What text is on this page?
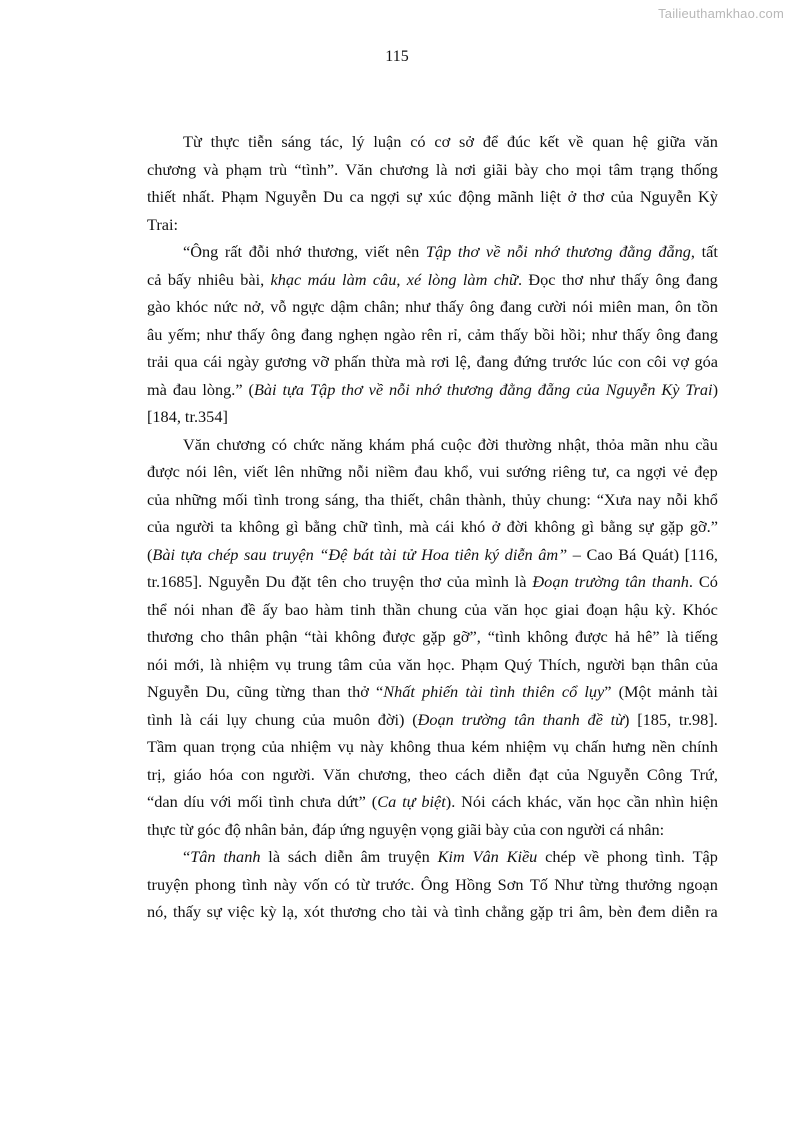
Tailieuthamkhao.com
115
Từ thực tiễn sáng tác, lý luận có cơ sở để đúc kết về quan hệ giữa văn
chương và phạm trù “tình”. Văn chương là nơi giãi bày cho mọi tâm trạng thống
thiết nhất. Phạm Nguyễn Du ca ngợi sự xúc động mãnh liệt ở thơ của Nguyễn Kỳ
Trai:
“Ông rất đỗi nhớ thương, viết nên Tập thơ về nỗi nhớ thương đằng đẵng, tất
cả bấy nhiêu bài, khạc máu làm câu, xé lòng làm chữ. Đọc thơ như thấy ông đang
gào khóc nức nở, vỗ ngực dậm chân; như thấy ông đang cười nói miên man, ôn tồn
âu yếm; như thấy ông đang nghẹn ngào rên rỉ, cảm thấy bồi hồi; như thấy ông đang
trải qua cái ngày gương vỡ phấn thừa mà rơi lệ, đang đứng trước lúc con côi vợ góa
mà đau lòng.” (Bài tựa Tập thơ về nỗi nhớ thương đằng đẵng của Nguyễn Kỳ Trai)
[184, tr.354]
Văn chương có chức năng khám phá cuộc đời thường nhật, thỏa mãn nhu cầu
được nói lên, viết lên những nỗi niềm đau khổ, vui sướng riêng tư, ca ngợi vẻ đẹp
của những mối tình trong sáng, tha thiết, chân thành, thủy chung: “Xưa nay nỗi khổ
của người ta không gì bằng chữ tình, mà cái khó ở đời không gì bằng sự gặp gỡ.”
(Bài tựa chép sau truyện “Đệ bát tài tử Hoa tiên ký diễn âm” – Cao Bá Quát) [116,
tr.1685]. Nguyễn Du đặt tên cho truyện thơ của mình là Đoạn trường tân thanh. Có
thể nói nhan đề ấy bao hàm tinh thần chung của văn học giai đoạn hậu kỳ. Khóc
thương cho thân phận “tài không được gặp gỡ”, “tình không được hả hê” là tiếng
nói mới, là nhiệm vụ trung tâm của văn học. Phạm Quý Thích, người bạn thân của
Nguyễn Du, cũng từng than thở “Nhất phiến tài tình thiên cổ lụy” (Một mảnh tài
tình là cái lụy chung của muôn đời) (Đoạn trường tân thanh đề từ) [185, tr.98].
Tầm quan trọng của nhiệm vụ này không thua kém nhiệm vụ chấn hưng nền chính
trị, giáo hóa con người. Văn chương, theo cách diễn đạt của Nguyễn Công Trứ,
“dan díu với mối tình chưa dứt” (Ca tự biệt). Nói cách khác, văn học cần nhìn hiện
thực từ góc độ nhân bản, đáp ứng nguyện vọng giãi bày của con người cá nhân:
“Tân thanh là sách diễn âm truyện Kim Vân Kiều chép về phong tình. Tập
truyện phong tình này vốn có từ trước. Ông Hồng Sơn Tố Như từng thưởng ngoạn
nó, thấy sự việc kỳ lạ, xót thương cho tài và tình chẳng gặp tri âm, bèn đem diễn ra
